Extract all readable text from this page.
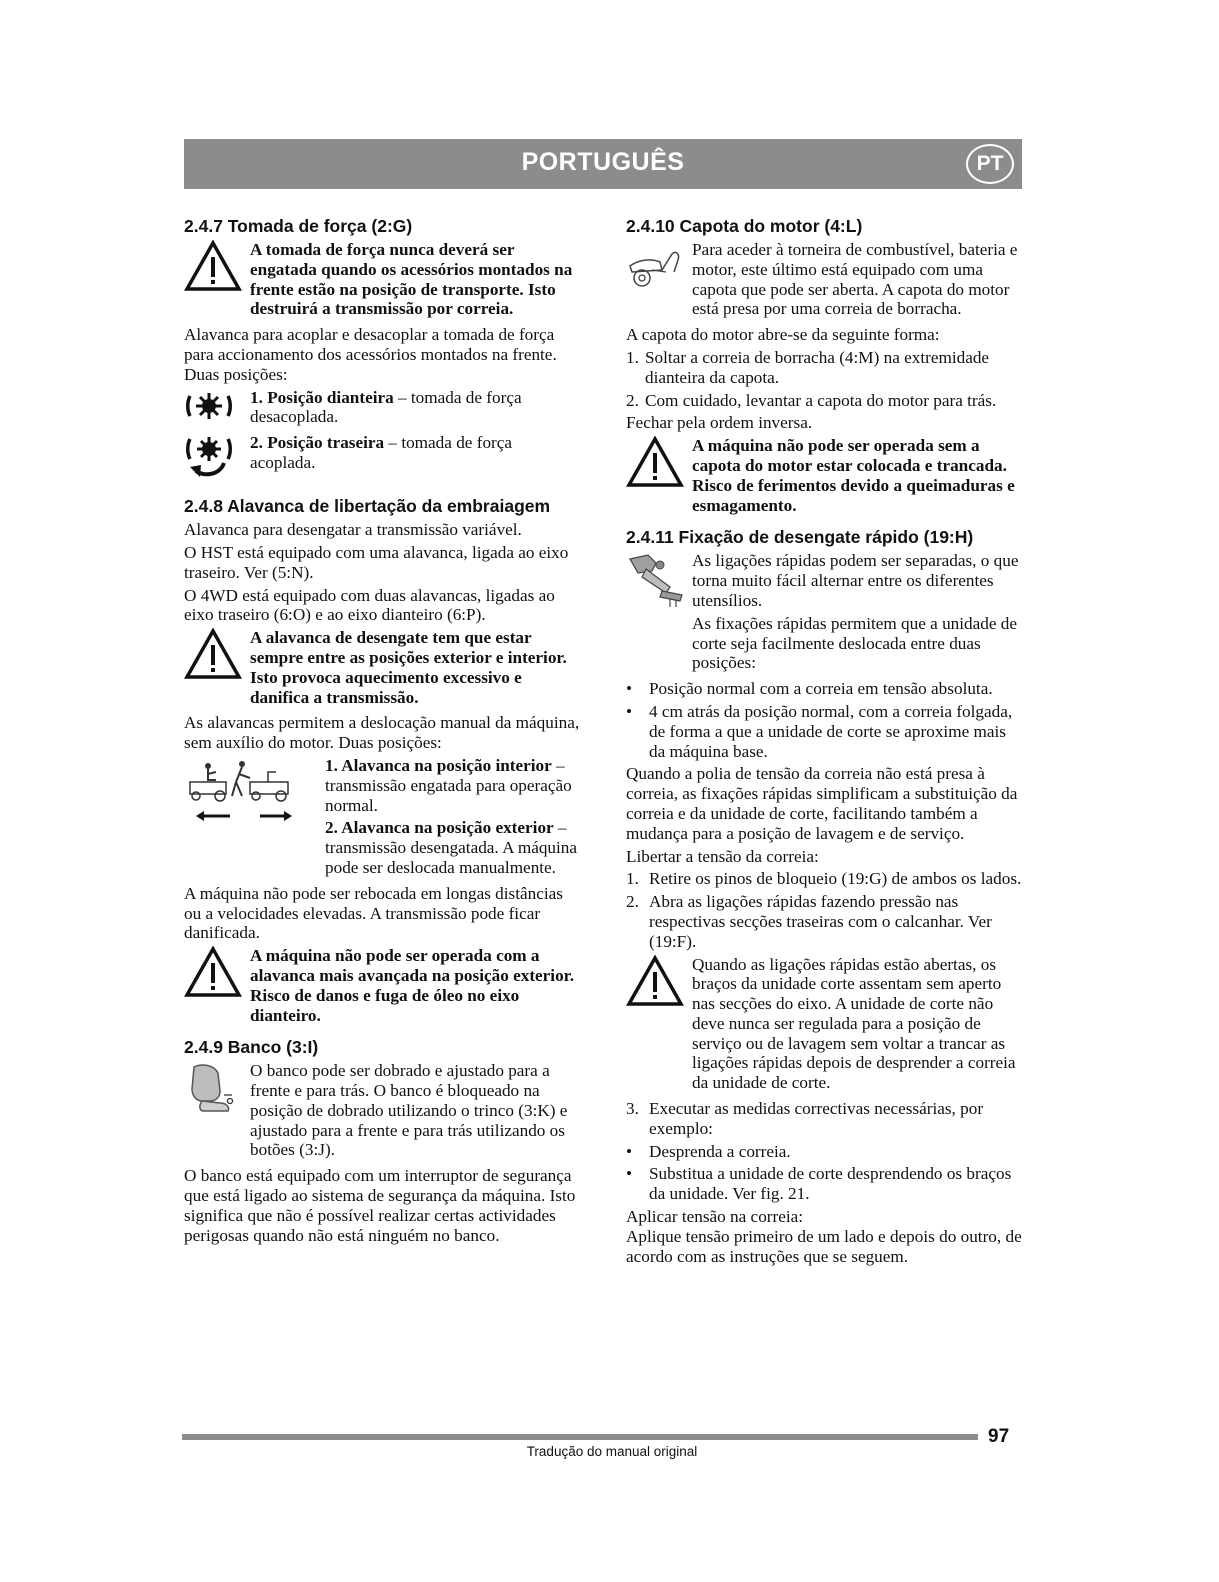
PORTUGUÊS	PT
2.4.7 Tomada de força (2:G)

A tomada de força nunca deverá ser engatada quando os acessórios montados na frente estão na posição de transporte. Isto destruirá a transmissão por correia.

Alavanca para acoplar e desacoplar a tomada de força para accionamento dos acessórios montados na frente. Duas posições:

1. Posição dianteira – tomada de força desacoplada.

2. Posição traseira – tomada de força acoplada.

2.4.8 Alavanca de libertação da embraiagem

Alavanca para desengatar a transmissão variável.

O HST está equipado com uma alavanca, ligada ao eixo traseiro. Ver (5:N).

O 4WD está equipado com duas alavancas, ligadas ao eixo traseiro (6:O) e ao eixo dianteiro (6:P).

A alavanca de desengate tem que estar sempre entre as posições exterior e interior. Isto provoca aquecimento excessivo e danifica a transmissão.

As alavancas permitem a deslocação manual da máquina, sem auxílio do motor. Duas posições:

1. Alavanca na posição interior – transmissão engatada para operação normal.

2. Alavanca na posição exterior – transmissão desengatada. A máquina pode ser deslocada manualmente.

A máquina não pode ser rebocada em longas distâncias ou a velocidades elevadas. A transmissão pode ficar danificada.

A máquina não pode ser operada com a alavanca mais avançada na posição exterior. Risco de danos e fuga de óleo no eixo dianteiro.

2.4.9 Banco (3:I)

O banco pode ser dobrado e ajustado para a frente e para trás. O banco é bloqueado na posição de dobrado utilizando o trinco (3:K) e ajustado para a frente e para trás utilizando os botões (3:J).

O banco está equipado com um interruptor de segurança que está ligado ao sistema de segurança da máquina. Isto significa que não é possível realizar certas actividades perigosas quando não está ninguém no banco.

2.4.10 Capota do motor (4:L)

Para aceder à torneira de combustível, bateria e motor, este último está equipado com uma capota que pode ser aberta. A capota do motor está presa por uma correia de borracha.

A capota do motor abre-se da seguinte forma:

1. Soltar a correia de borracha (4:M) na extremidade dianteira da capota.
2. Com cuidado, levantar a capota do motor para trás.

Fechar pela ordem inversa.

A máquina não pode ser operada sem a capota do motor estar colocada e trancada. Risco de ferimentos devido a queimaduras e esmagamento.

2.4.11 Fixação de desengate rápido (19:H)

As ligações rápidas podem ser separadas, o que torna muito fácil alternar entre os diferentes utensílios.

As fixações rápidas permitem que a unidade de corte seja facilmente deslocada entre duas posições:

• Posição normal com a correia em tensão absoluta.
• 4 cm atrás da posição normal, com a correia folgada, de forma a que a unidade de corte se aproxime mais da máquina base.

Quando a polia de tensão da correia não está presa à correia, as fixações rápidas simplificam a substituição da correia e da unidade de corte, facilitando também a mudança para a posição de lavagem e de serviço.

Libertar a tensão da correia:

1. Retire os pinos de bloqueio (19:G) de ambos os lados.
2. Abra as ligações rápidas fazendo pressão nas respectivas secções traseiras com o calcanhar. Ver (19:F).

Quando as ligações rápidas estão abertas, os braços da unidade corte assentam sem aperto nas secções do eixo. A unidade de corte não deve nunca ser regulada para a posição de serviço ou de lavagem sem voltar a trancar as ligações rápidas depois de desprender a correia da unidade de corte.

3. Executar as medidas correctivas necessárias, por exemplo:
• Desprenda a correia.
• Substitua a unidade de corte desprendendo os braços da unidade. Ver fig. 21.

Aplicar tensão na correia:

Aplique tensão primeiro de um lado e depois do outro, de acordo com as instruções que se seguem.

97
Tradução do manual original
